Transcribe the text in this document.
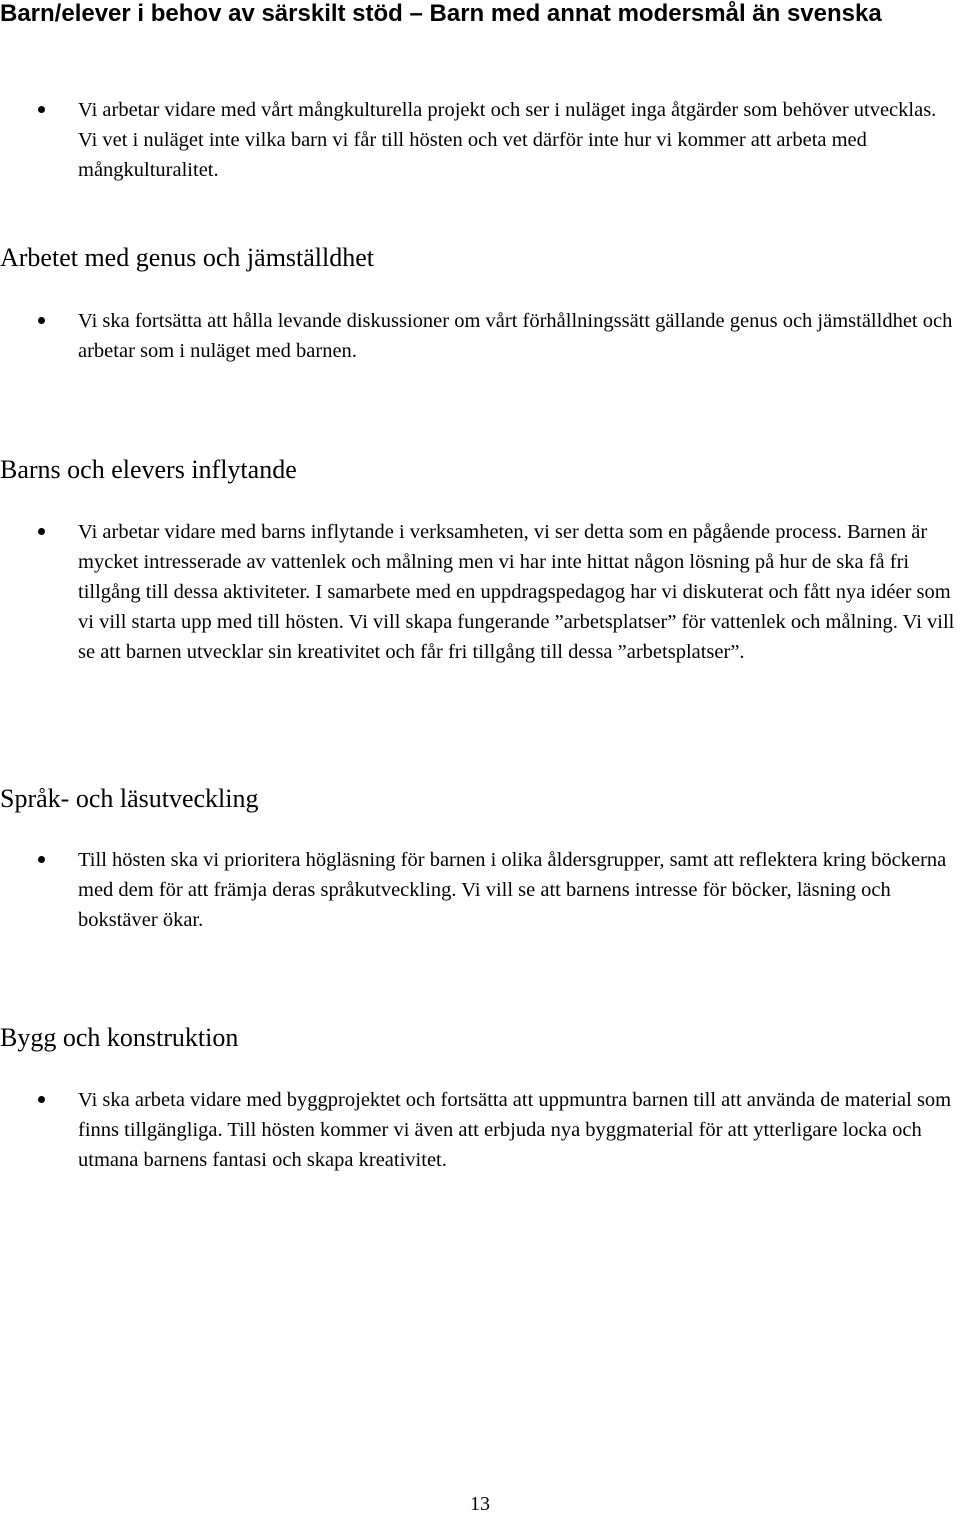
Barn/elever i behov av särskilt stöd – Barn med annat modersmål än svenska

Vi arbetar vidare med vårt mångkulturella projekt och ser i nuläget inga åtgärder som behöver utvecklas. Vi vet i nuläget inte vilka barn vi får till hösten och vet därför inte hur vi kommer att arbeta med mångkulturalitet.

Arbetet med genus och jämställdhet

Vi ska fortsätta att hålla levande diskussioner om vårt förhållningssätt gällande genus och jämställdhet och arbetar som i nuläget med barnen.

Barns och elevers inflytande

Vi arbetar vidare med barns inflytande i verksamheten, vi ser detta som en pågående process. Barnen är mycket intresserade av vattenlek och målning men vi har inte hittat någon lösning på hur de ska få fri tillgång till dessa aktiviteter. I samarbete med en uppdragspedagog har vi diskuterat och fått nya idéer som vi vill starta upp med till hösten. Vi vill skapa fungerande ”arbetsplatser” för vattenlek och målning. Vi vill se att barnen utvecklar sin kreativitet och får fri tillgång till dessa ”arbetsplatser”.

Språk- och läsutveckling

Till hösten ska vi prioritera högläsning för barnen i olika åldersgrupper, samt att reflektera kring böckerna med dem för att främja deras språkutveckling. Vi vill se att barnens intresse för böcker, läsning och bokstäver ökar.

Bygg och konstruktion

Vi ska arbeta vidare med byggprojektet och fortsätta att uppmuntra barnen till att använda de material som finns tillgängliga. Till hösten kommer vi även att erbjuda nya byggmaterial för att ytterligare locka och utmana barnens fantasi och skapa kreativitet.

13
